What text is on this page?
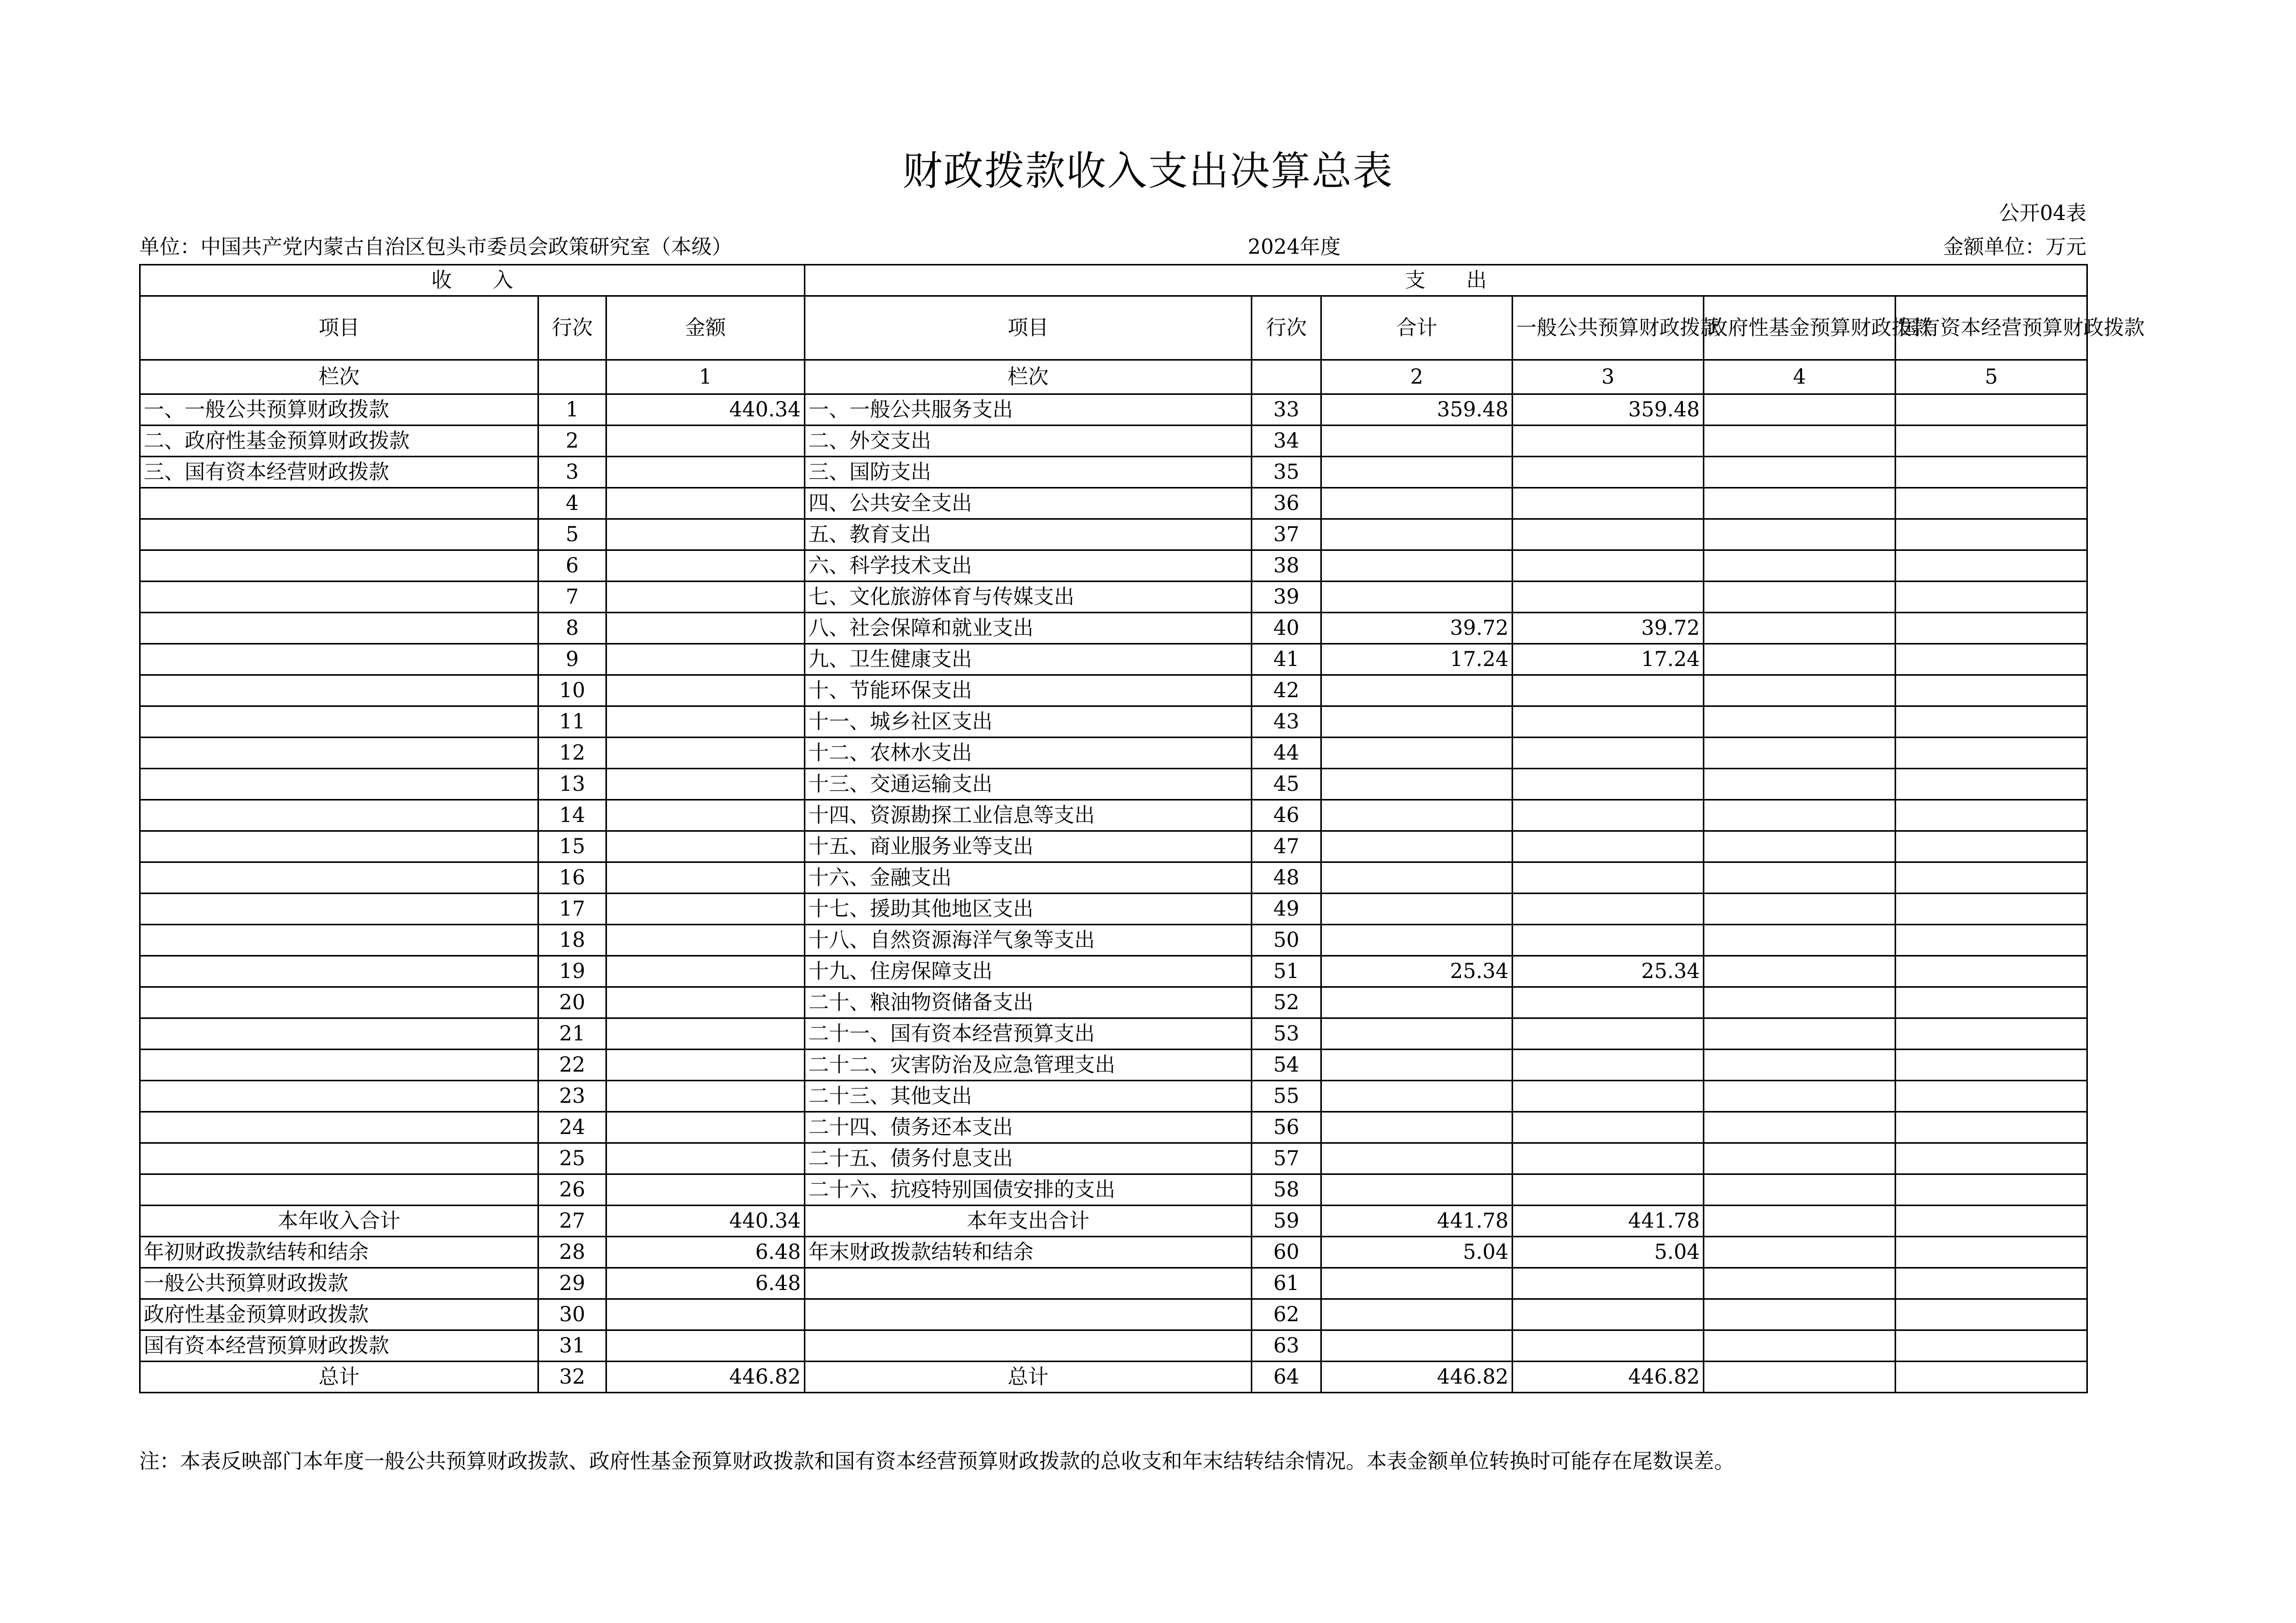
财政拨款收入支出决算总表
公开04表
单位：中国共产党内蒙古自治区包头市委员会政策研究室（本级）	2024年度	金额单位：万元
收　　入			支　　出					
项目	行次	金额	项目	行次	合计	一般公共预算财政拨款	政府性基金预算财政拨款	国有资本经营预算财政拨款
栏次		1	栏次		2	3	4	5
一、一般公共预算财政拨款	1	440.34	一、一般公共服务支出	33	359.48	359.48		
二、政府性基金预算财政拨款	2		二、外交支出	34				
三、国有资本经营财政拨款	3		三、国防支出	35				
	4		四、公共安全支出	36				
	5		五、教育支出	37				
	6		六、科学技术支出	38				
	7		七、文化旅游体育与传媒支出	39				
	8		八、社会保障和就业支出	40	39.72	39.72		
	9		九、卫生健康支出	41	17.24	17.24		
	10		十、节能环保支出	42				
	11		十一、城乡社区支出	43				
	12		十二、农林水支出	44				
	13		十三、交通运输支出	45				
	14		十四、资源勘探工业信息等支出	46				
	15		十五、商业服务业等支出	47				
	16		十六、金融支出	48				
	17		十七、援助其他地区支出	49				
	18		十八、自然资源海洋气象等支出	50				
	19		十九、住房保障支出	51	25.34	25.34		
	20		二十、粮油物资储备支出	52				
	21		二十一、国有资本经营预算支出	53				
	22		二十二、灾害防治及应急管理支出	54				
	23		二十三、其他支出	55				
	24		二十四、债务还本支出	56				
	25		二十五、债务付息支出	57				
	26		二十六、抗疫特别国债安排的支出	58				
本年收入合计	27	440.34	本年支出合计	59	441.78	441.78		
年初财政拨款结转和结余	28	6.48	年末财政拨款结转和结余	60	5.04	5.04		
一般公共预算财政拨款	29	6.48		61				
政府性基金预算财政拨款	30			62				
国有资本经营预算财政拨款	31			63				
总计	32	446.82	总计	64	446.82	446.82		
注：本表反映部门本年度一般公共预算财政拨款、政府性基金预算财政拨款和国有资本经营预算财政拨款的总收支和年末结转结余情况。本表金额单位转换时可能存在尾数误差。
